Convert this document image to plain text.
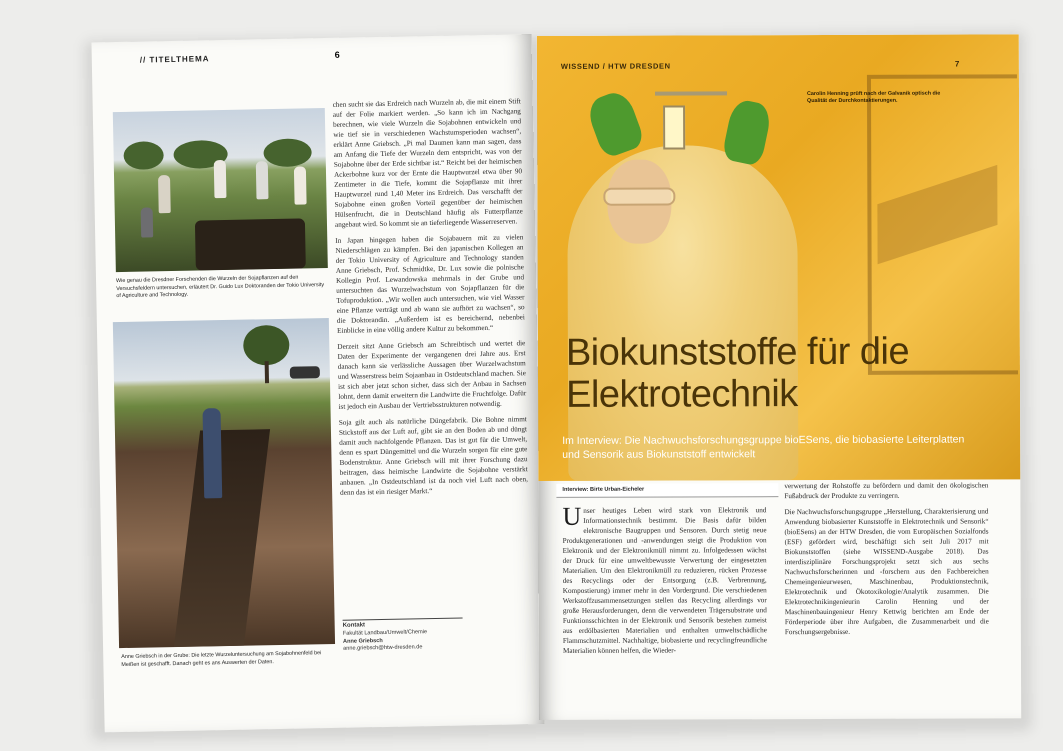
// TITELTHEMA	6
Wie genau die Dresdner Forschenden die Wurzeln der Sojapflanzen auf den Versuchsfeldern untersuchen, erläutert Dr. Guido Lux Doktoranden der Tokio University of Agriculture and Technology.
Anne Griebsch in der Grube: Die letzte Wurzeluntersuchung am Sojabohnenfeld bei Meißen ist geschafft. Danach geht es ans Auswerten der Daten.

chen sucht sie das Erdreich nach Wurzeln ab, die mit einem Stift auf der Folie markiert werden. „So kann ich im Nachgang berechnen, wie viele Wurzeln die Sojabohnen entwickeln und wie tief sie in verschiedenen Wachstumsperioden wachsen“, erklärt Anne Griebsch. „Pi mal Daumen kann man sagen, dass am Anfang die Tiefe der Wurzeln dem entspricht, was von der Sojabohne über der Erde sichtbar ist.“ Reicht bei der heimischen Ackerbohne kurz vor der Ernte die Hauptwurzel etwa über 90 Zentimeter in die Tiefe, kommt die Sojapflanze mit ihrer Hauptwurzel rund 1,40 Meter ins Erdreich. Das verschafft der Sojabohne einen großen Vorteil gegenüber der heimischen Hülsenfrucht, die in Deutschland häufig als Futterpflanze angebaut wird. So kommt sie an tieferliegende Wasserreserven.

In Japan hingegen haben die Sojabauern mit zu vielen Niederschlägen zu kämpfen. Bei den japanischen Kollegen an der Tokio University of Agriculture and Technology standen Anne Griebsch, Prof. Schmidtke, Dr. Lux sowie die polnische Kollegin Prof. Lewandowska mehrmals in der Grube und untersuchten das Wurzelwachstum von Sojapflanzen für die Tofuproduktion. „Wir wollen auch untersuchen, wie viel Wasser eine Pflanze verträgt und ab wann sie aufhört zu wachsen“, so die Doktorandin. „Außerdem ist es bereichernd, nebenbei Einblicke in eine völlig andere Kultur zu bekommen.“

Derzeit sitzt Anne Griebsch am Schreibtisch und wertet die Daten der Experimente der vergangenen drei Jahre aus. Erst danach kann sie verlässliche Aussagen über Wurzelwachstum und Wasserstress beim Sojaanbau in Ostdeutschland machen. Sie ist sich aber jetzt schon sicher, dass sich der Anbau in Sachsen lohnt, denn damit erweitern die Landwirte die Fruchtfolge. Dafür ist jedoch ein Ausbau der Vertriebsstrukturen notwendig.

Soja gilt auch als natürliche Düngefabrik. Die Bohne nimmt Stickstoff aus der Luft auf, gibt sie an den Boden ab und düngt damit auch nachfolgende Pflanzen. Das ist gut für die Umwelt, denn es spart Düngemittel und die Wurzeln sorgen für eine gute Bodenstruktur. Anne Griebsch will mit ihrer Forschung dazu beitragen, dass heimische Landwirte die Sojabohne verstärkt anbauen. „In Ostdeutschland ist da noch viel Luft nach oben, denn das ist ein riesiger Markt.“

Kontakt
Fakultät Landbau/Umwelt/Chemie
Anne Griebsch
anne.griebsch@htw-dresden.de
WISSEND / HTW DRESDEN	7
Carolin Henning prüft nach der Galvanik optisch die Qualität der Durchkontaktierungen.
Biokunststoffe für die Elektrotechnik
Im Interview: Die Nachwuchsforschungsgruppe bioESens, die biobasierte Leiterplatten und Sensorik aus Biokunststoff entwickelt
Interview: Birte Urban-Eicheler
U nser heutiges Leben wird stark von Elektronik und Informationstechnik bestimmt. Die Basis dafür bilden elektronische Baugruppen und Sensoren. Durch stetig neue Produktgenerationen und -anwendungen steigt die Produktion von Elektronik und der Elektronikmüll nimmt zu. Infolgedessen wächst der Druck für eine umweltbewusste Verwertung der eingesetzten Materialien. Um den Elektronikmüll zu reduzieren, rücken Prozesse des Recyclings oder der Entsorgung (z.B. Verbrennung, Kompostierung) immer mehr in den Vordergrund. Die verschiedenen Werkstoffzusammensetzungen stellen das Recycling allerdings vor große Herausforderungen, denn die verwendeten Trägersubstrate und Funktionsschichten in der Elektronik und Sensorik bestehen zumeist aus erdölbasierten Materialien und enthalten umweltschädliche Flammschutzmittel. Nachhaltige, biobasierte und recyclingfreundliche Materialien können helfen, die Wieder-

verwertung der Rohstoffe zu befördern und damit den ökologischen Fußabdruck der Produkte zu verringern.

Die Nachwuchsforschungsgruppe „Herstellung, Charakterisierung und Anwendung biobasierter Kunststoffe in Elektrotechnik und Sensorik“ (bioESens) an der HTW Dresden, die vom Europäischen Sozialfonds (ESF) gefördert wird, beschäftigt sich seit Juli 2017 mit Biokunststoffen (siehe WISSEND-Ausgabe 2018). Das interdisziplinäre Forschungsprojekt setzt sich aus sechs Nachwuchsforscherinnen und -forschern aus den Fachbereichen Chemeingenieurwesen, Maschinenbau, Produktionstechnik, Elektrotechnik und Ökotoxikologie/Analytik zusammen. Die Elektrotechnikingenieurin Carolin Henning und der Maschinenbauingenieur Henry Kettwig berichten am Ende der Förderperiode über ihre Aufgaben, die Zusammenarbeit und die Forschungsergebnisse.
